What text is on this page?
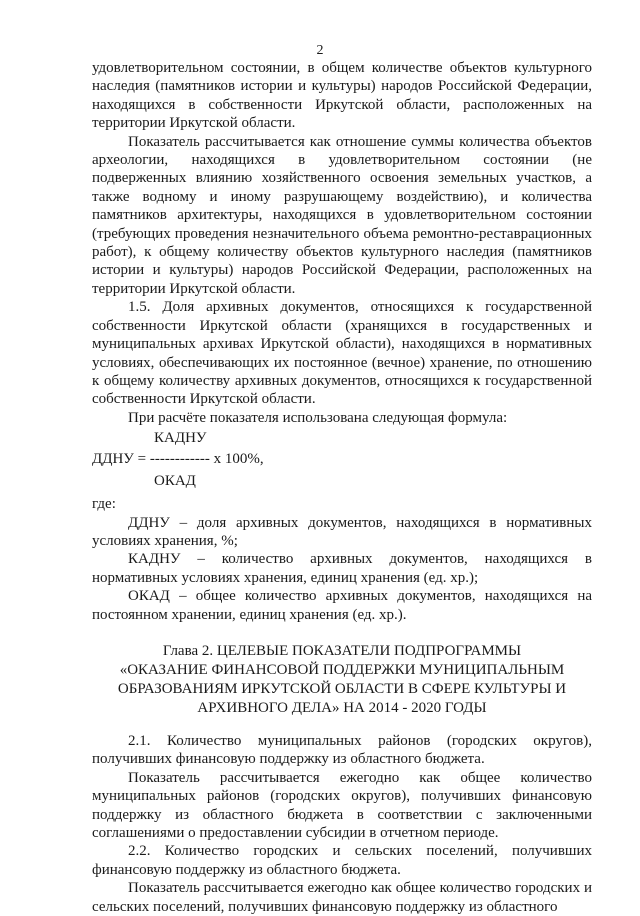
2

удовлетворительном состоянии, в общем количестве объектов культурного наследия (памятников истории и культуры) народов Российской Федерации, находящихся в собственности Иркутской области, расположенных на территории Иркутской области.

Показатель рассчитывается как отношение суммы количества объектов археологии, находящихся в удовлетворительном состоянии (не подверженных влиянию хозяйственного освоения земельных участков, а также водному и иному разрушающему воздействию), и количества памятников архитектуры, находящихся в удовлетворительном состоянии (требующих проведения незначительного объема ремонтно-реставрационных работ), к общему количеству объектов культурного наследия (памятников истории и культуры) народов Российской Федерации, расположенных на территории Иркутской области.

1.5. Доля архивных документов, относящихся к государственной собственности Иркутской области (хранящихся в государственных и муниципальных архивах Иркутской области), находящихся в нормативных условиях, обеспечивающих их постоянное (вечное) хранение, по отношению к общему количеству архивных документов, относящихся к государственной собственности Иркутской области.

При расчёте показателя использована следующая формула:

КАДНУ
ДДНУ = ------------ х 100%,
ОКАД

где:

ДДНУ – доля архивных документов, находящихся в нормативных условиях хранения, %;

КАДНУ – количество архивных документов, находящихся в нормативных условиях хранения, единиц хранения (ед. хр.);

ОКАД – общее количество архивных документов, находящихся на постоянном хранении, единиц хранения (ед. хр.).

Глава 2. ЦЕЛЕВЫЕ ПОКАЗАТЕЛИ ПОДПРОГРАММЫ
«ОКАЗАНИЕ ФИНАНСОВОЙ ПОДДЕРЖКИ МУНИЦИПАЛЬНЫМ
ОБРАЗОВАНИЯМ ИРКУТСКОЙ ОБЛАСТИ В СФЕРЕ КУЛЬТУРЫ И
АРХИВНОГО ДЕЛА» НА 2014 - 2020 ГОДЫ

2.1. Количество муниципальных районов (городских округов), получивших финансовую поддержку из областного бюджета.

Показатель рассчитывается ежегодно как общее количество муниципальных районов (городских округов), получивших финансовую поддержку из областного бюджета в соответствии с заключенными соглашениями о предоставлении субсидии в отчетном периоде.

2.2. Количество городских и сельских поселений, получивших финансовую поддержку из областного бюджета.

Показатель рассчитывается ежегодно как общее количество городских и сельских поселений, получивших финансовую поддержку из областного
